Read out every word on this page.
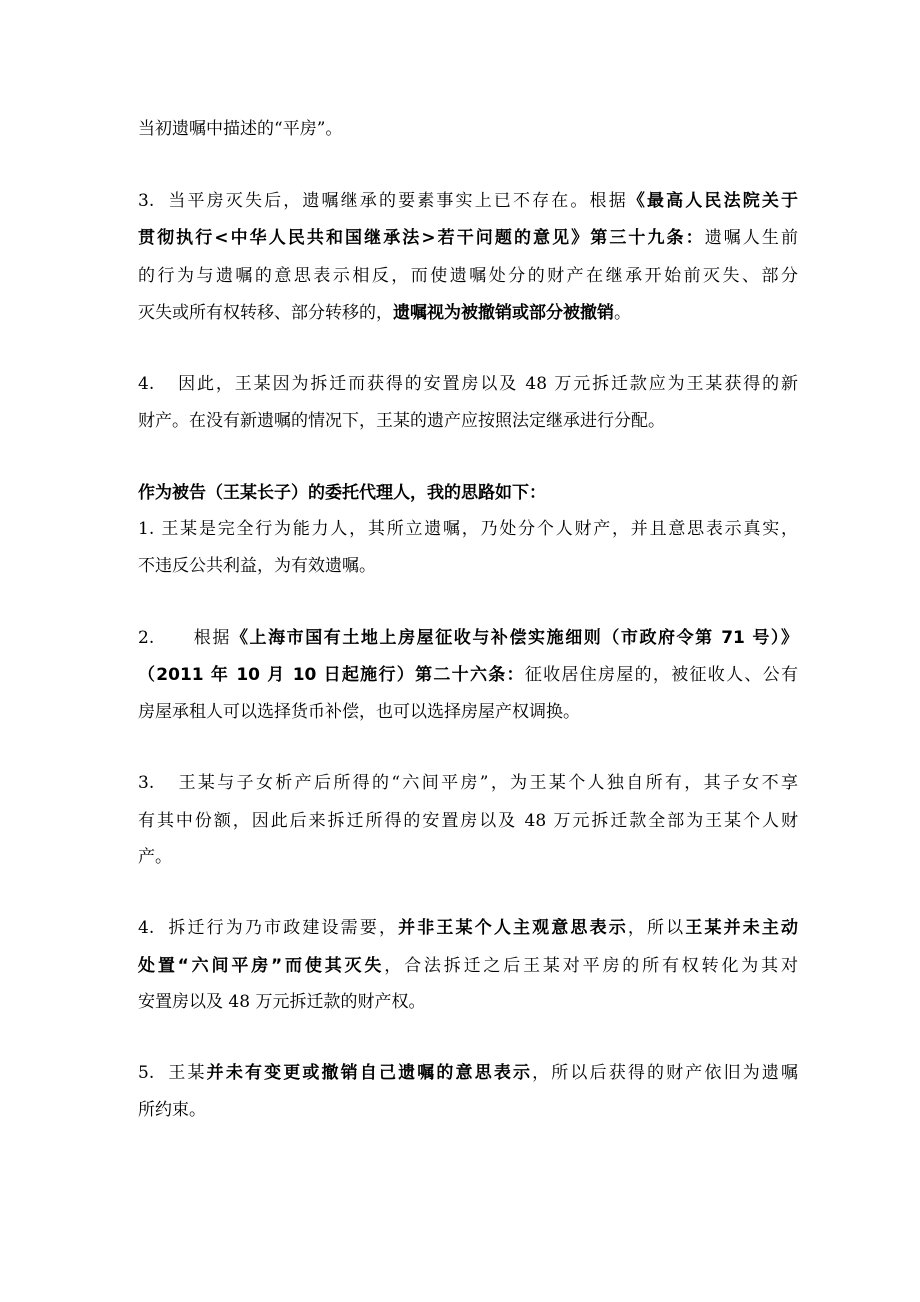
当初遗嘱中描述的“平房”。
3. 当平房灭失后，遗嘱继承的要素事实上已不存在。根据《最高人民法院关于
贯彻执行<中华人民共和国继承法>若干问题的意见》第三十九条：遗嘱人生前
的行为与遗嘱的意思表示相反，而使遗嘱处分的财产在继承开始前灭失、部分
灭失或所有权转移、部分转移的，遗嘱视为被撤销或部分被撤销。
4. 因此，王某因为拆迁而获得的安置房以及 48 万元拆迁款应为王某获得的新
财产。在没有新遗嘱的情况下，王某的遗产应按照法定继承进行分配。
作为被告（王某长子）的委托代理人，我的思路如下：
1. 王某是完全行为能力人，其所立遗嘱，乃处分个人财产，并且意思表示真实，
不违反公共利益，为有效遗嘱。
2. 根据《上海市国有土地上房屋征收与补偿实施细则（市政府令第 71 号）》
（2011 年 10 月 10 日起施行）第二十六条：征收居住房屋的，被征收人、公有
房屋承租人可以选择货币补偿，也可以选择房屋产权调换。
3. 王某与子女析产后所得的“六间平房”，为王某个人独自所有，其子女不享
有其中份额，因此后来拆迁所得的安置房以及 48 万元拆迁款全部为王某个人财
产。
4. 拆迁行为乃市政建设需要，并非王某个人主观意思表示，所以王某并未主动
处置“六间平房”而使其灭失，合法拆迁之后王某对平房的所有权转化为其对
安置房以及 48 万元拆迁款的财产权。
5. 王某并未有变更或撤销自己遗嘱的意思表示，所以后获得的财产依旧为遗嘱
所约束。
